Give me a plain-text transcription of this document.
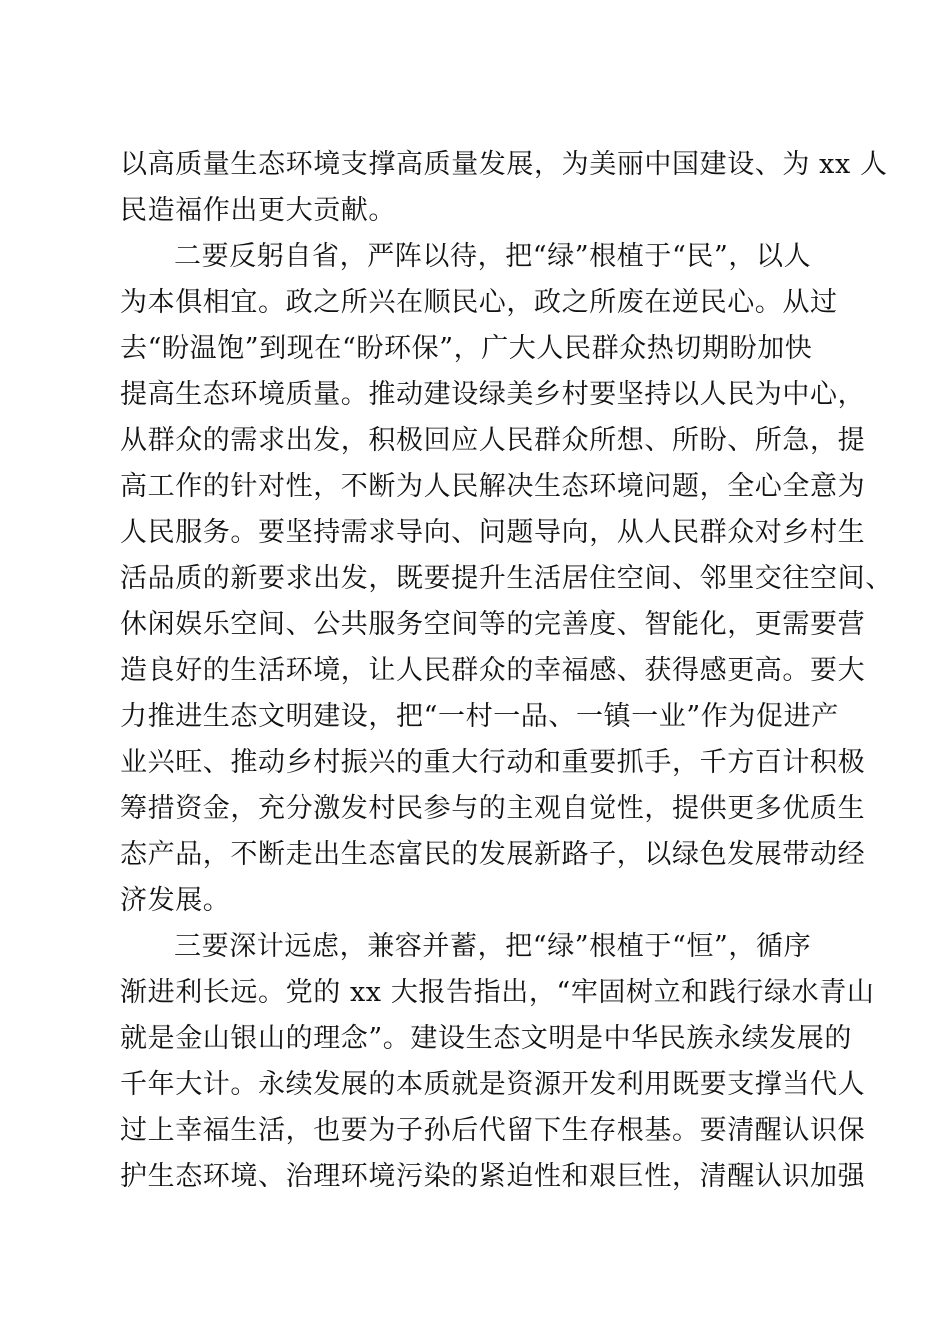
以高质量生态环境支撑高质量发展，为美丽中国建设、为 xx 人
民造福作出更大贡献。
二要反躬自省，严阵以待，把“绿”根植于“民”，以人
为本俱相宜。政之所兴在顺民心，政之所废在逆民心。从过
去“盼温饱”到现在“盼环保”，广大人民群众热切期盼加快
提高生态环境质量。推动建设绿美乡村要坚持以人民为中心，
从群众的需求出发，积极回应人民群众所想、所盼、所急，提
高工作的针对性，不断为人民解决生态环境问题，全心全意为
人民服务。要坚持需求导向、问题导向，从人民群众对乡村生
活品质的新要求出发，既要提升生活居住空间、邻里交往空间、
休闲娱乐空间、公共服务空间等的完善度、智能化，更需要营
造良好的生活环境，让人民群众的幸福感、获得感更高。要大
力推进生态文明建设，把“一村一品、一镇一业”作为促进产
业兴旺、推动乡村振兴的重大行动和重要抓手，千方百计积极
筹措资金，充分激发村民参与的主观自觉性，提供更多优质生
态产品，不断走出生态富民的发展新路子，以绿色发展带动经
济发展。
三要深计远虑，兼容并蓄，把“绿”根植于“恒”，循序
渐进利长远。党的 xx 大报告指出，“牢固树立和践行绿水青山
就是金山银山的理念”。建设生态文明是中华民族永续发展的
千年大计。永续发展的本质就是资源开发利用既要支撑当代人
过上幸福生活，也要为子孙后代留下生存根基。要清醒认识保
护生态环境、治理环境污染的紧迫性和艰巨性，清醒认识加强
